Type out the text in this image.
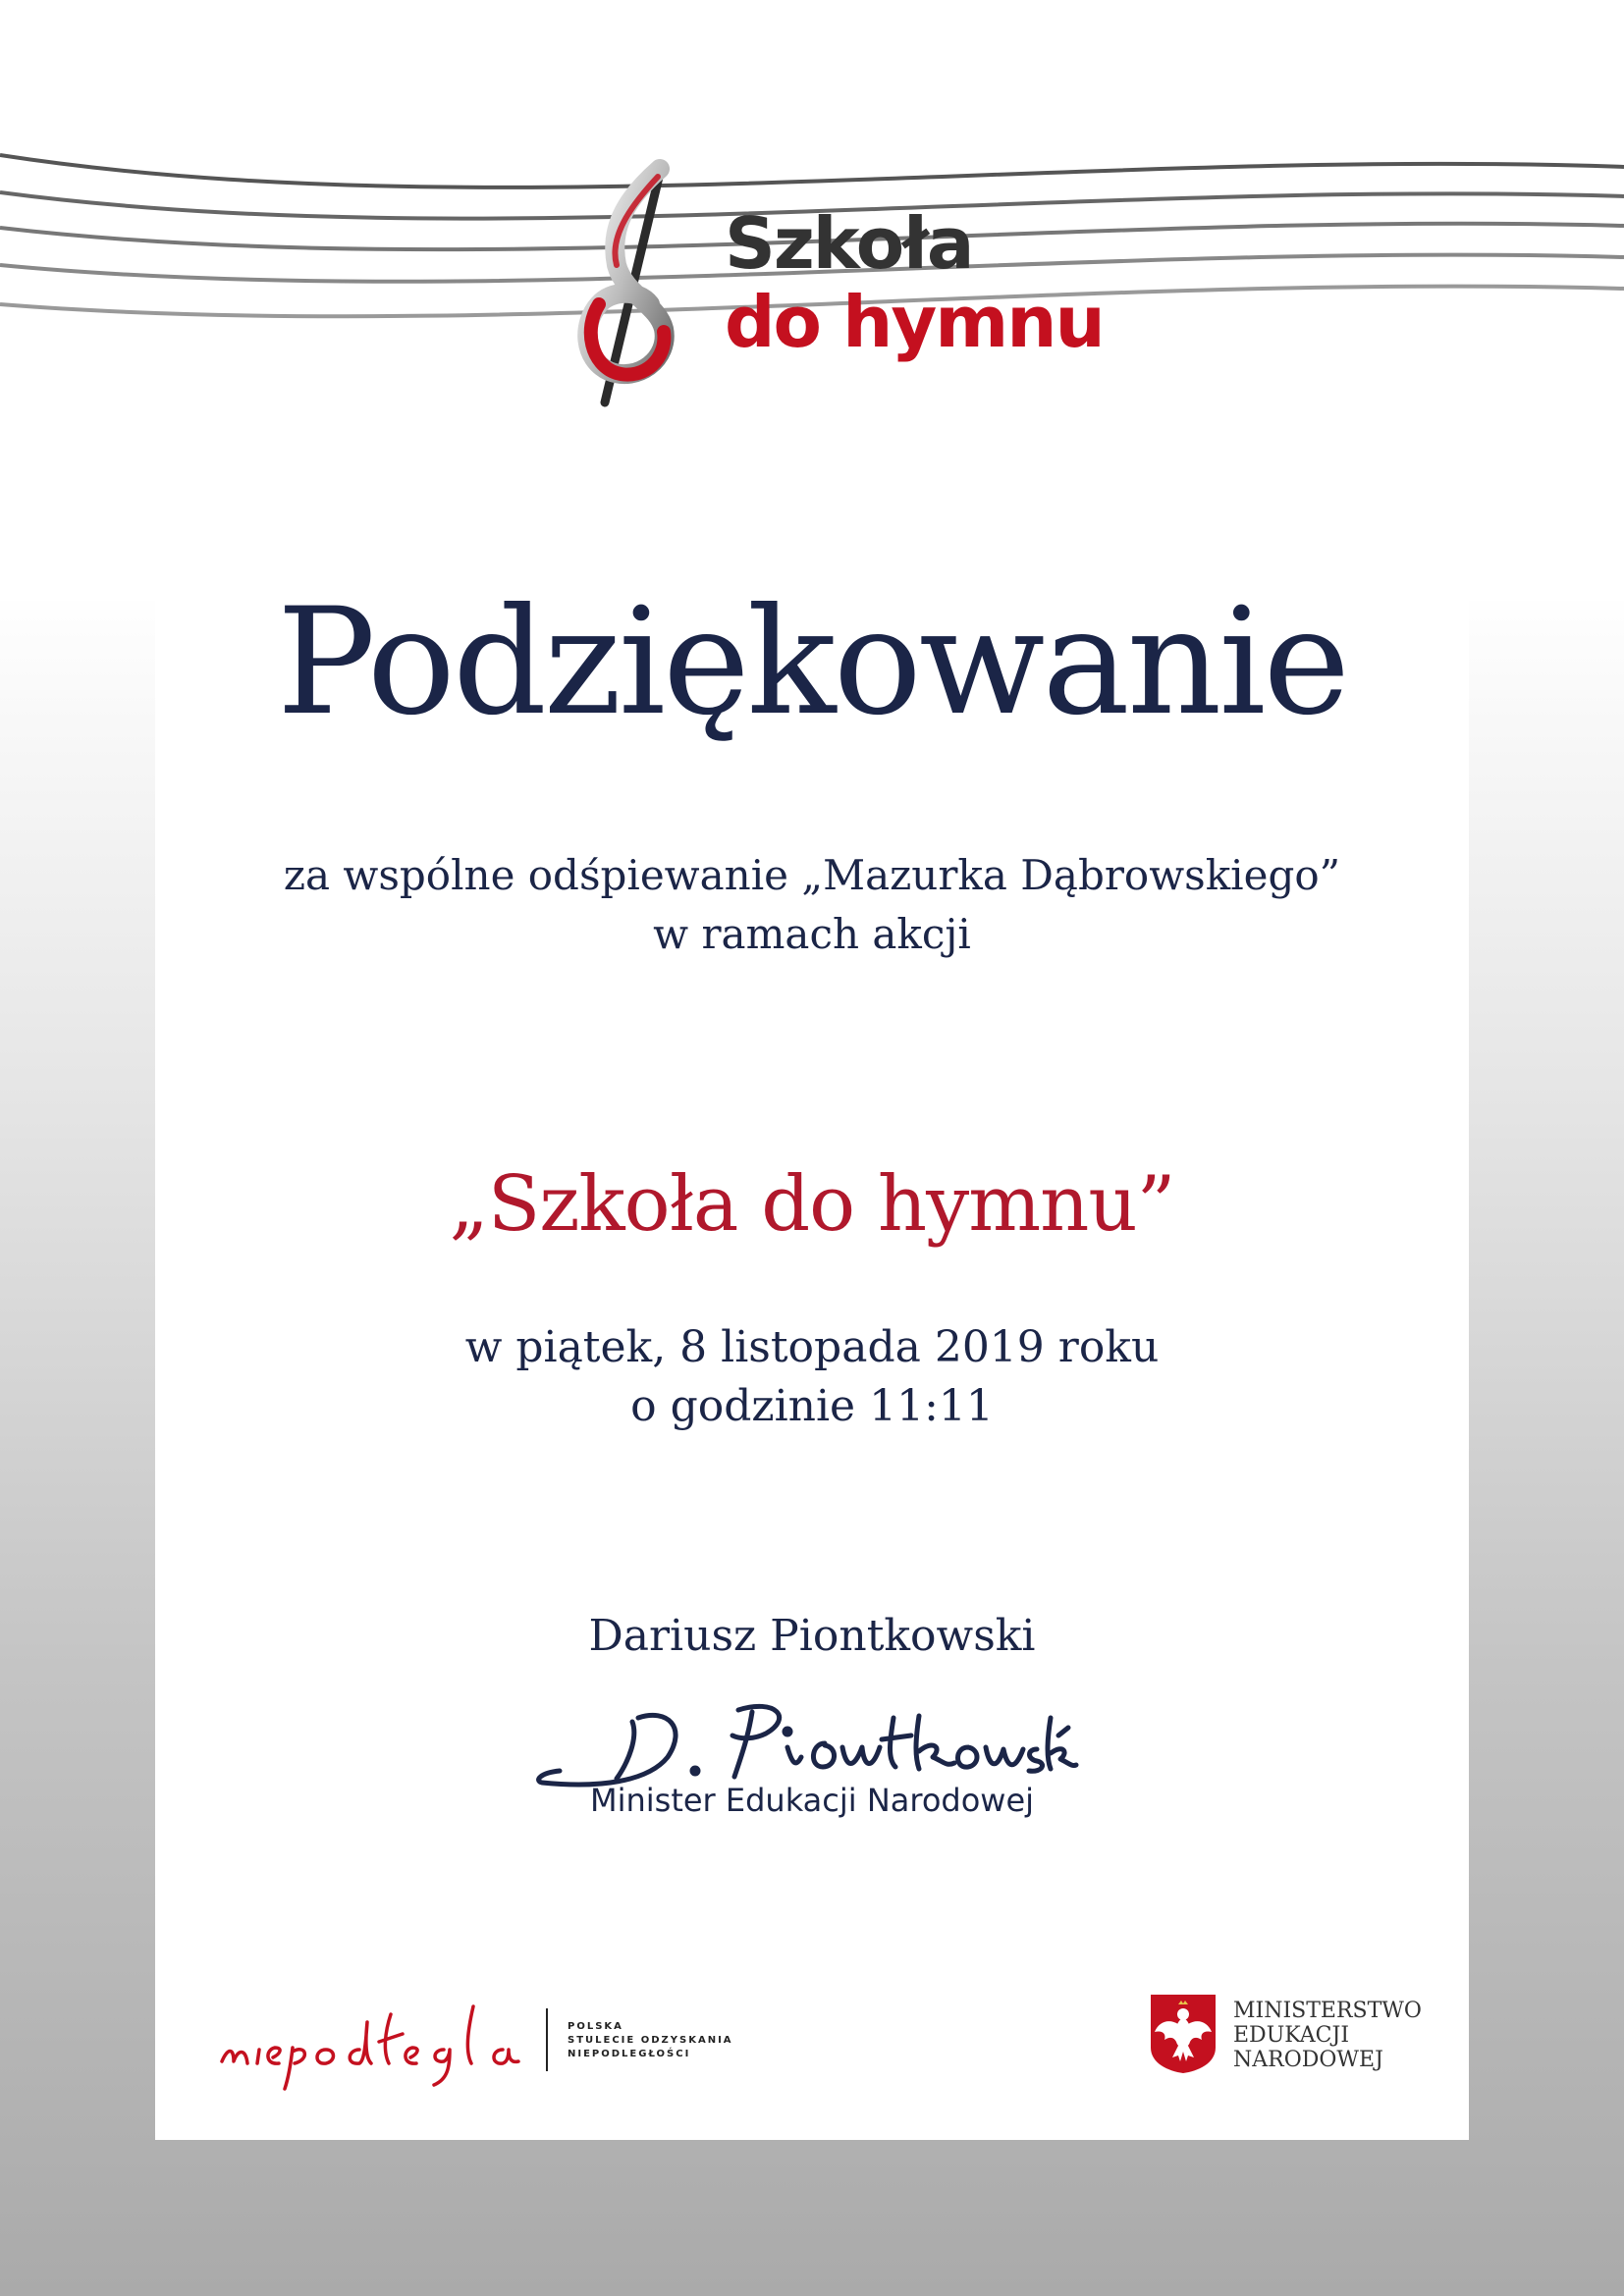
Szkoła
do hymnu
Podziękowanie
za wspólne odśpiewanie „Mazurka Dąbrowskiego”
w ramach akcji
„Szkoła do hymnu”
w piątek, 8 listopada 2019 roku
o godzinie 11:11
Dariusz Piontkowski
Minister Edukacji Narodowej
POLSKA
STULECIE ODZYSKANIA
NIEPODLEGŁOŚCI
MINISTERSTWO
EDUKACJI
NARODOWEJ
